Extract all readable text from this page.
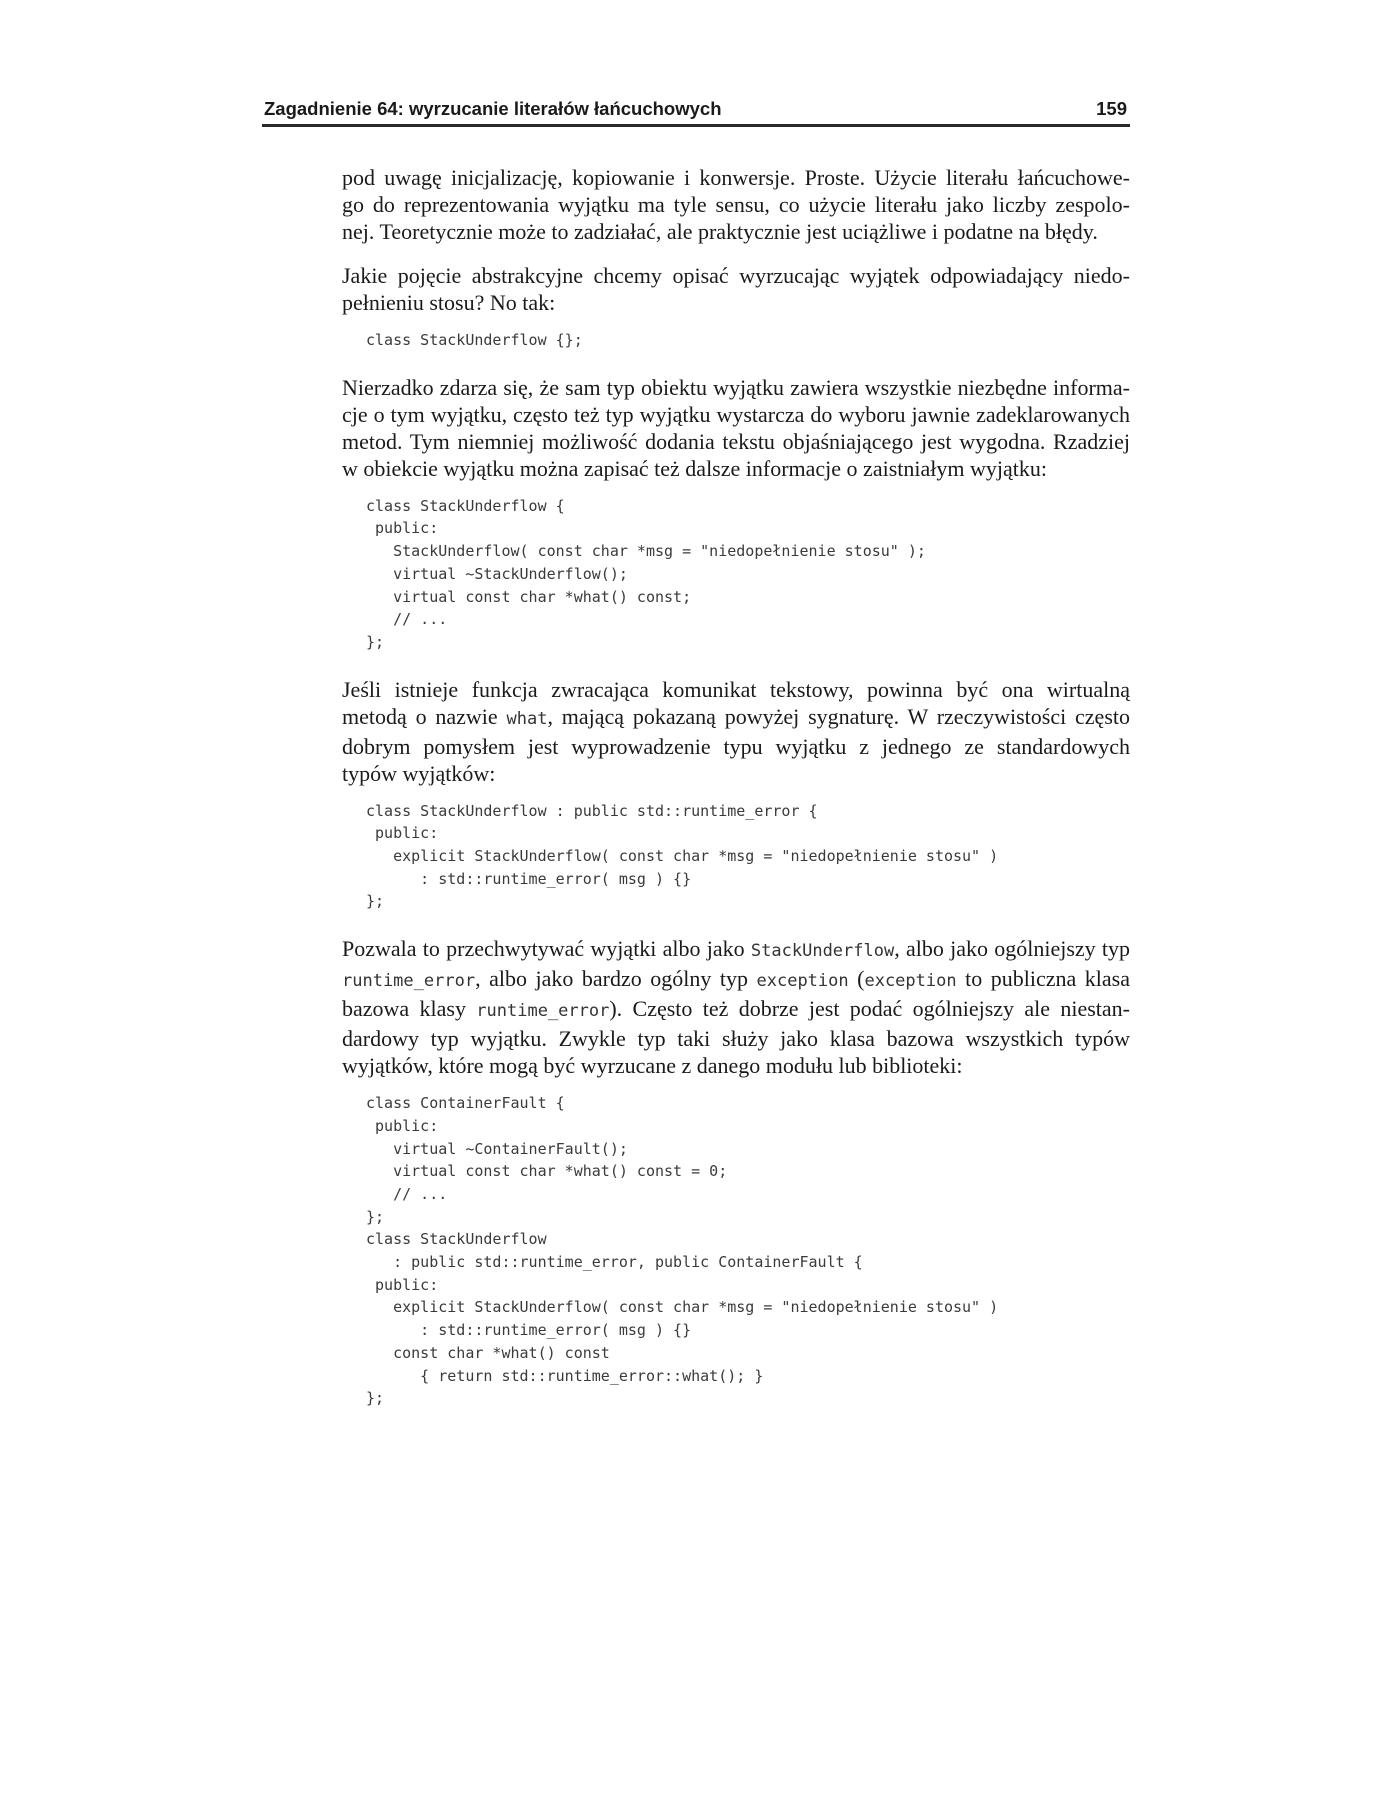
Zagadnienie 64: wyrzucanie literałów łańcuchowych	159

pod uwagę inicjalizację, kopiowanie i konwersje. Proste. Użycie literału łańcuchowe-
go do reprezentowania wyjątku ma tyle sensu, co użycie literału jako liczby zespolo-
nej. Teoretycznie może to zadziałać, ale praktycznie jest uciążliwe i podatne na błędy.

Jakie pojęcie abstrakcyjne chcemy opisać wyrzucając wyjątek odpowiadający niedo-
pełnieniu stosu? No tak:

class StackUnderflow {};

Nierzadko zdarza się, że sam typ obiektu wyjątku zawiera wszystkie niezbędne informa-
cje o tym wyjątku, często też typ wyjątku wystarcza do wyboru jawnie zadeklarowanych
metod. Tym niemniej możliwość dodania tekstu objaśniającego jest wygodna. Rzadziej
w obiekcie wyjątku można zapisać też dalsze informacje o zaistniałym wyjątku:

class StackUnderflow {
public:
StackUnderflow( const char *msg = "niedopełnienie stosu" );
virtual ~StackUnderflow();
virtual const char *what() const;
// ...
};

Jeśli istnieje funkcja zwracająca komunikat tekstowy, powinna być ona wirtualną
metodą o nazwie what, mającą pokazaną powyżej sygnaturę. W rzeczywistości często
dobrym pomysłem jest wyprowadzenie typu wyjątku z jednego ze standardowych
typów wyjątków:

class StackUnderflow : public std::runtime_error {
public:
explicit StackUnderflow( const char *msg = "niedopełnienie stosu" )
: std::runtime_error( msg ) {}
};

Pozwala to przechwytywać wyjątki albo jako StackUnderflow, albo jako ogólniejszy typ
runtime_error, albo jako bardzo ogólny typ exception (exception to publiczna klasa
bazowa klasy runtime_error). Często też dobrze jest podać ogólniejszy ale niestan-
dardowy typ wyjątku. Zwykle typ taki służy jako klasa bazowa wszystkich typów
wyjątków, które mogą być wyrzucane z danego modułu lub biblioteki:

class ContainerFault {
public:
virtual ~ContainerFault();
virtual const char *what() const = 0;
// ...
};
class StackUnderflow
: public std::runtime_error, public ContainerFault {
public:
explicit StackUnderflow( const char *msg = "niedopełnienie stosu" )
: std::runtime_error( msg ) {}
const char *what() const
{ return std::runtime_error::what(); }
};
